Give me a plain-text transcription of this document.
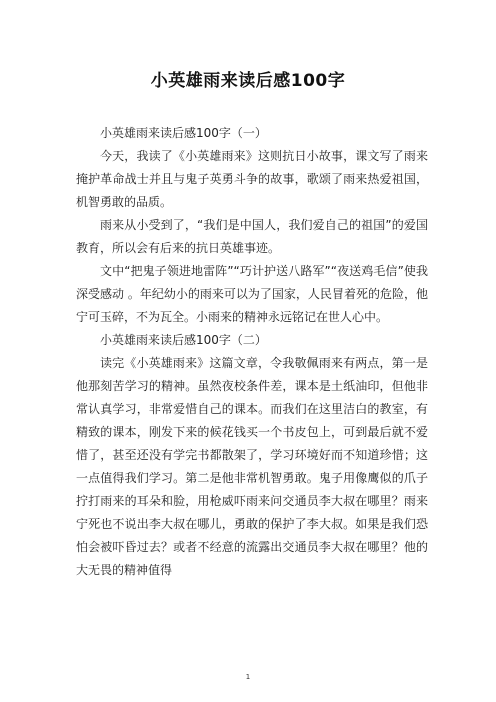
小英雄雨来读后感100字

小英雄雨来读后感100字（一）

今天，我读了《小英雄雨来》这则抗日小故事，课文写了雨来掩护革命战士并且与鬼子英勇斗争的故事，歌颂了雨来热爱祖国，机智勇敢的品质。

雨来从小受到了，“我们是中国人，我们爱自己的祖国”的爱国教育，所以会有后来的抗日英雄事迹。

文中“把鬼子领进地雷阵”“巧计护送八路军”“夜送鸡毛信”使我深受感动 。年纪幼小的雨来可以为了国家，人民冒着死的危险，他宁可玉碎，不为瓦全。小雨来的精神永远铭记在世人心中。

小英雄雨来读后感100字（二）

读完《小英雄雨来》这篇文章，令我敬佩雨来有两点，第一是他那刻苦学习的精神。虽然夜校条件差，课本是土纸油印，但他非常认真学习，非常爱惜自己的课本。而我们在这里洁白的教室，有精致的课本，刚发下来的候花钱买一个书皮包上，可到最后就不爱惜了，甚至还没有学完书都散架了，学习环境好而不知道珍惜；这一点值得我们学习。第二是他非常机智勇敢。鬼子用像鹰似的爪子拧打雨来的耳朵和脸，用枪威吓雨来问交通员李大叔在哪里？雨来宁死也不说出李大叔在哪儿，勇敢的保护了李大叔。如果是我们恐怕会被吓昏过去？或者不经意的流露出交通员李大叔在哪里？他的大无畏的精神值得

1
